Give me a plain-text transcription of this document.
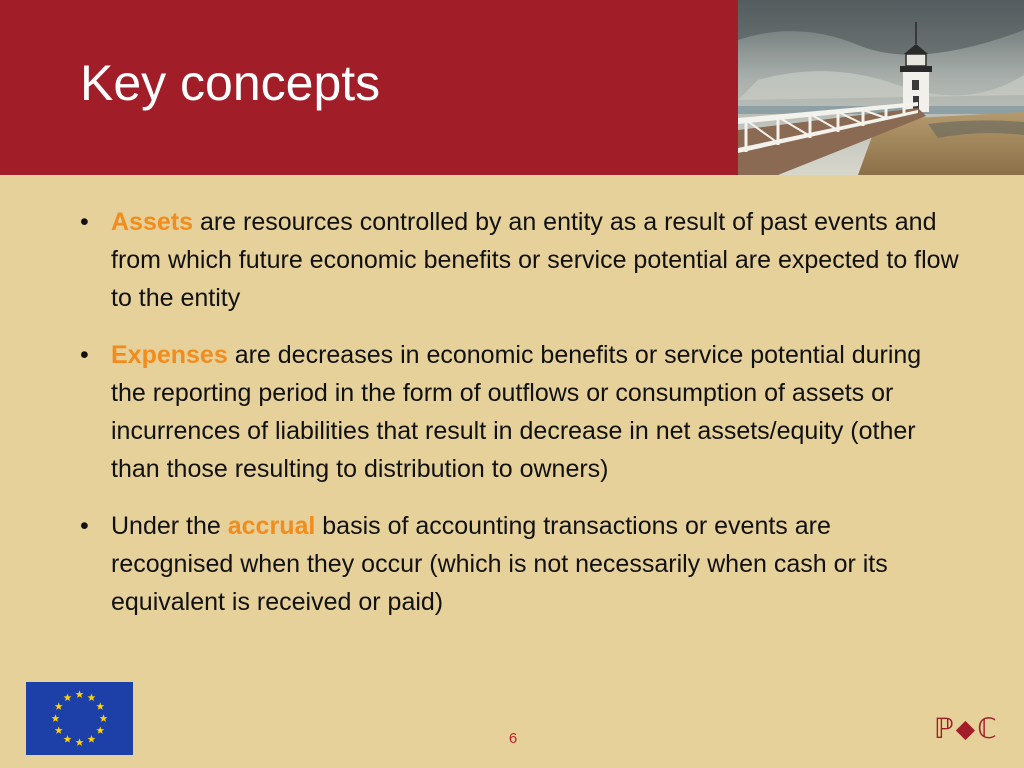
Key concepts
• Assets are resources controlled by an entity as a result of past events and from which future economic benefits or service potential are expected to flow to the entity
• Expenses are decreases in economic benefits or service potential during the reporting period in the form of outflows or consumption of assets or incurrences of liabilities that result in decrease in net assets/equity (other than those resulting to distribution to owners)
• Under the accrual basis of accounting transactions or events are recognised when they occur (which is not necessarily when cash or its equivalent is received or paid)
6	ℙ⬥ℂ
